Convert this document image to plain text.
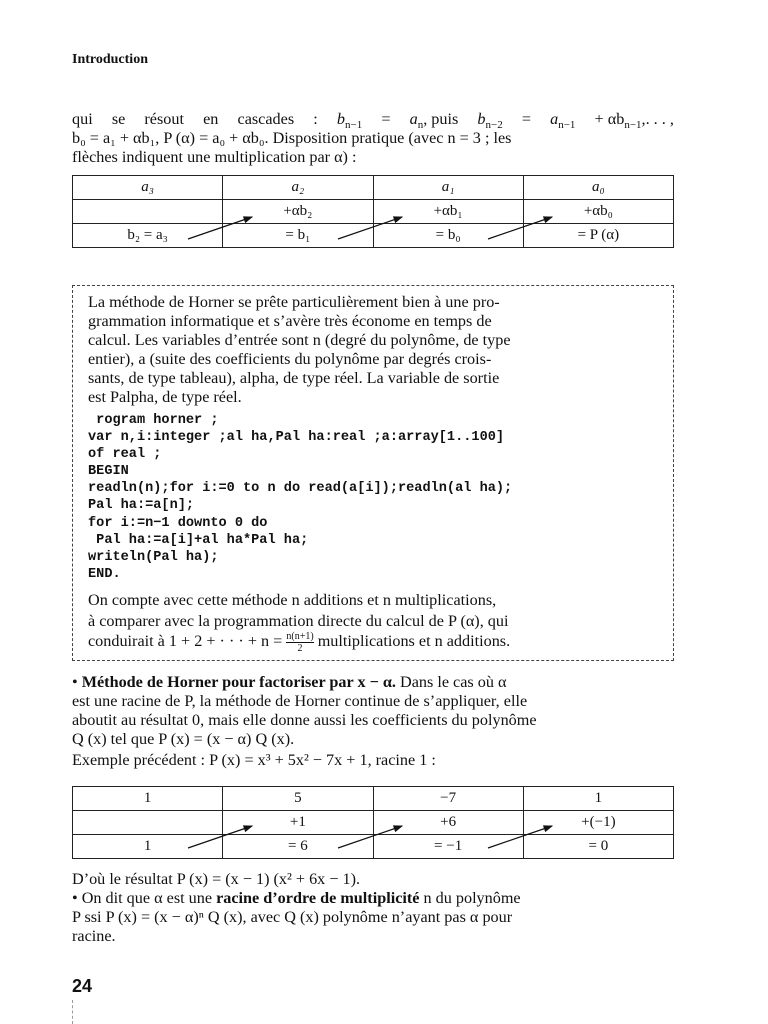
Introduction
qui se résout en cascades : $b_{n-1} = a_n$, puis $b_{n-2} = a_{n-1} + \alpha b_{n-1}$,. . . ,
b₀ = a₁ + αb₁, P (α) = a₀ + αb₀. Disposition pratique (avec n = 3 ; les
flèches indiquent une multiplication par α) :
a₃	a₂	a₁	a₀
	+αb₂	+αb₁	+αb₀
b₂ = a₃	= b₁	= b₀	= P (α)
La méthode de Horner se prête particulièrement bien à une pro-
grammation informatique et s’avère très économe en temps de
calcul. Les variables d’entrée sont n (degré du polynôme, de type
entier), a (suite des coefficients du polynôme par degrés crois-
sants, de type tableau), alpha, de type réel. La variable de sortie
est Palpha, de type réel.
rogram horner ;
var n,i:integer ;al ha,Pal ha:real ;a:array[1..100]
of real ;
BEGIN
readln(n);for i:=0 to n do read(a[i]);readln(al ha);
Pal ha:=a[n];
for i:=n−1 downto 0 do
Pal ha:=a[i]+al ha*Pal ha;
writeln(Pal ha);
END.
On compte avec cette méthode n additions et n multiplications,
à comparer avec la programmation directe du calcul de P (α), qui
conduirait à 1 + 2 + · · · + $n = \frac{n(n+1)}{2}$ multiplications et n additions.
• Méthode de Horner pour factoriser par x − α. Dans le cas où α
est une racine de P, la méthode de Horner continue de s’appliquer, elle
aboutit au résultat 0, mais elle donne aussi les coefficients du polynôme
Q (x) tel que P (x) = (x − α) Q (x).
Exemple précédent : P (x) = x³ + 5x² − 7x + 1, racine 1 :
1	5	−7	1
	+1	+6	+(−1)
1	= 6	= −1	= 0
D’où le résultat P (x) = (x − 1) (x² + 6x − 1).
• On dit que α est une racine d’ordre de multiplicité n du polynôme
P ssi P (x) = (x − α)ⁿ Q (x), avec Q (x) polynôme n’ayant pas α pour
racine.
24
